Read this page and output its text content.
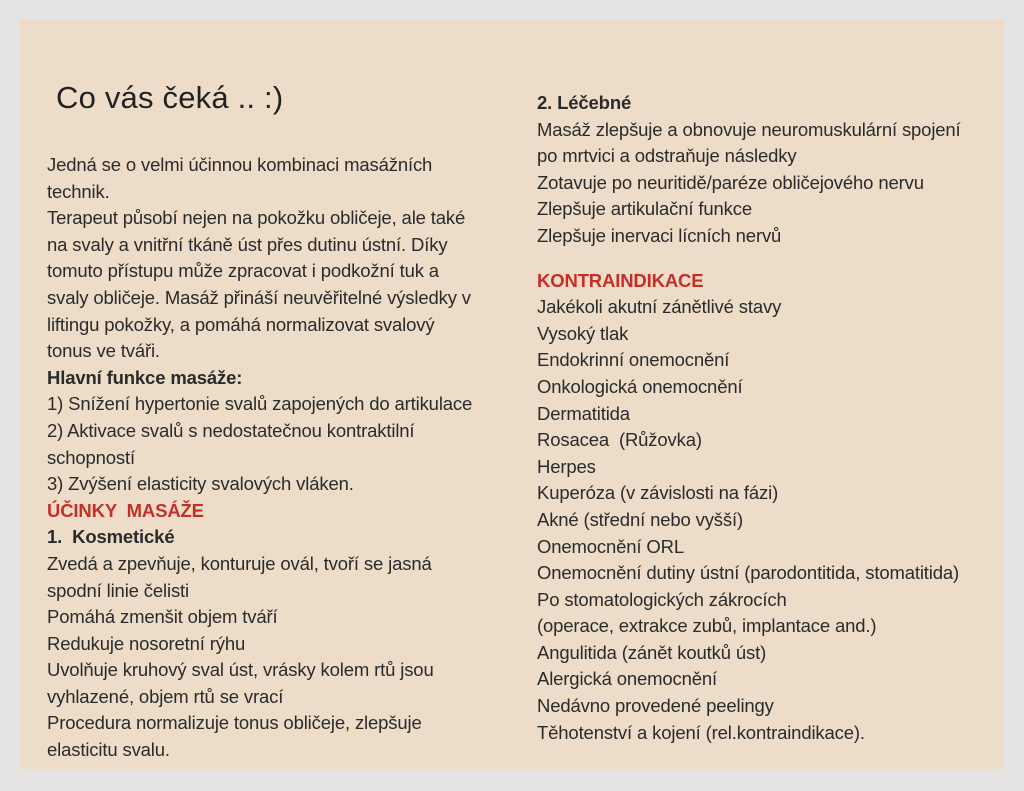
Co vás čeká .. :)
Jedná se o velmi účinnou kombinaci masážních
technik.
Terapeut působí nejen na pokožku obličeje, ale také
na svaly a vnitřní tkáně úst přes dutinu ústní. Díky
tomuto přístupu může zpracovat i podkožní tuk a
svaly obličeje. Masáž přináší neuvěřitelné výsledky v
liftingu pokožky, a pomáhá normalizovat svalový
tonus ve tváři.
Hlavní funkce masáže:
1) Snížení hypertonie svalů zapojených do artikulace
2) Aktivace svalů s nedostatečnou kontraktilní
schopností
3) Zvýšení elasticity svalových vláken.
ÚČINKY  MASÁŽE
1.  Kosmetické
Zvedá a zpevňuje, konturuje ovál, tvoří se jasná
spodní linie čelisti
Pomáhá zmenšit objem tváří
Redukuje nosoretní rýhu
Uvolňuje kruhový sval úst, vrásky kolem rtů jsou
vyhlazené, objem rtů se vrací
Procedura normalizuje tonus obličeje, zlepšuje
elasticitu svalu.
2. Léčebné
Masáž zlepšuje a obnovuje neuromuskulární spojení
po mrtvici a odstraňuje následky
Zotavuje po neuritidě/paréze obličejového nervu
Zlepšuje artikulační funkce
Zlepšuje inervaci lícních nervů
KONTRAINDIKACE
Jakékoli akutní zánětlivé stavy
Vysoký tlak
Endokrinní onemocnění
Onkologická onemocnění
Dermatitida
Rosacea  (Růžovka)
Herpes
Kuperóza (v závislosti na fázi)
Akné (střední nebo vyšší)
Onemocnění ORL
Onemocnění dutiny ústní (parodontitida, stomatitida)
Po stomatologických zákrocích
(operace, extrakce zubů, implantace and.)
Angulitida (zánět koutků úst)
Alergická onemocnění
Nedávno provedené peelingy
Těhotenství a kojení (rel.kontraindikace).
